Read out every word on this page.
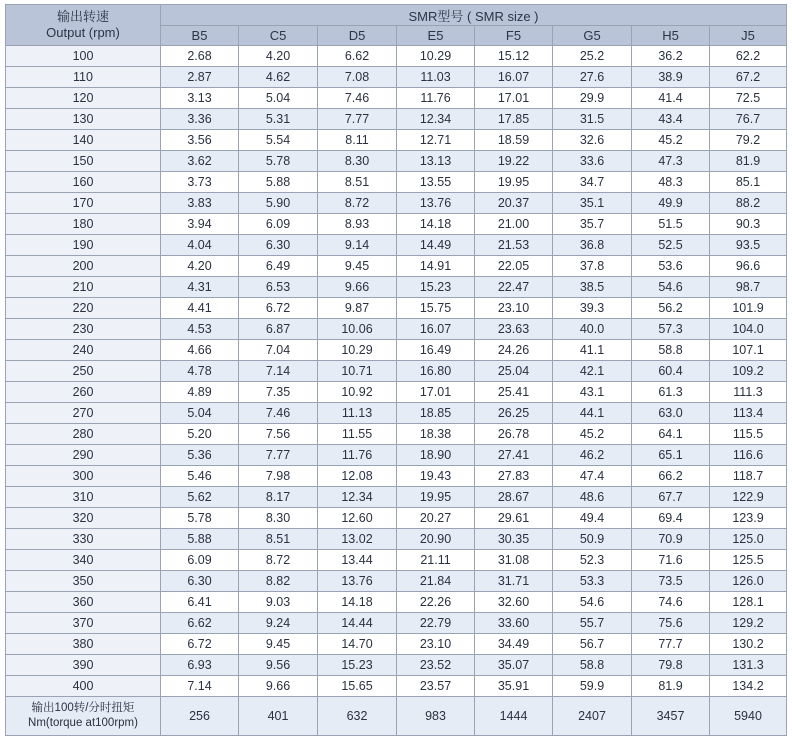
输出转速
Output (rpm)	SMR型号 ( SMR size )							
	B5	C5	D5	E5	F5	G5	H5	J5
100	2.68	4.20	6.62	10.29	15.12	25.2	36.2	62.2
110	2.87	4.62	7.08	11.03	16.07	27.6	38.9	67.2
120	3.13	5.04	7.46	11.76	17.01	29.9	41.4	72.5
130	3.36	5.31	7.77	12.34	17.85	31.5	43.4	76.7
140	3.56	5.54	8.11	12.71	18.59	32.6	45.2	79.2
150	3.62	5.78	8.30	13.13	19.22	33.6	47.3	81.9
160	3.73	5.88	8.51	13.55	19.95	34.7	48.3	85.1
170	3.83	5.90	8.72	13.76	20.37	35.1	49.9	88.2
180	3.94	6.09	8.93	14.18	21.00	35.7	51.5	90.3
190	4.04	6.30	9.14	14.49	21.53	36.8	52.5	93.5
200	4.20	6.49	9.45	14.91	22.05	37.8	53.6	96.6
210	4.31	6.53	9.66	15.23	22.47	38.5	54.6	98.7
220	4.41	6.72	9.87	15.75	23.10	39.3	56.2	101.9
230	4.53	6.87	10.06	16.07	23.63	40.0	57.3	104.0
240	4.66	7.04	10.29	16.49	24.26	41.1	58.8	107.1
250	4.78	7.14	10.71	16.80	25.04	42.1	60.4	109.2
260	4.89	7.35	10.92	17.01	25.41	43.1	61.3	111.3
270	5.04	7.46	11.13	18.85	26.25	44.1	63.0	113.4
280	5.20	7.56	11.55	18.38	26.78	45.2	64.1	115.5
290	5.36	7.77	11.76	18.90	27.41	46.2	65.1	116.6
300	5.46	7.98	12.08	19.43	27.83	47.4	66.2	118.7
310	5.62	8.17	12.34	19.95	28.67	48.6	67.7	122.9
320	5.78	8.30	12.60	20.27	29.61	49.4	69.4	123.9
330	5.88	8.51	13.02	20.90	30.35	50.9	70.9	125.0
340	6.09	8.72	13.44	21.11	31.08	52.3	71.6	125.5
350	6.30	8.82	13.76	21.84	31.71	53.3	73.5	126.0
360	6.41	9.03	14.18	22.26	32.60	54.6	74.6	128.1
370	6.62	9.24	14.44	22.79	33.60	55.7	75.6	129.2
380	6.72	9.45	14.70	23.10	34.49	56.7	77.7	130.2
390	6.93	9.56	15.23	23.52	35.07	58.8	79.8	131.3
400	7.14	9.66	15.65	23.57	35.91	59.9	81.9	134.2

输出100转/分时扭矩
Nm(torque at100rpm)	256	401	632	983	1444	2407	3457	5940
